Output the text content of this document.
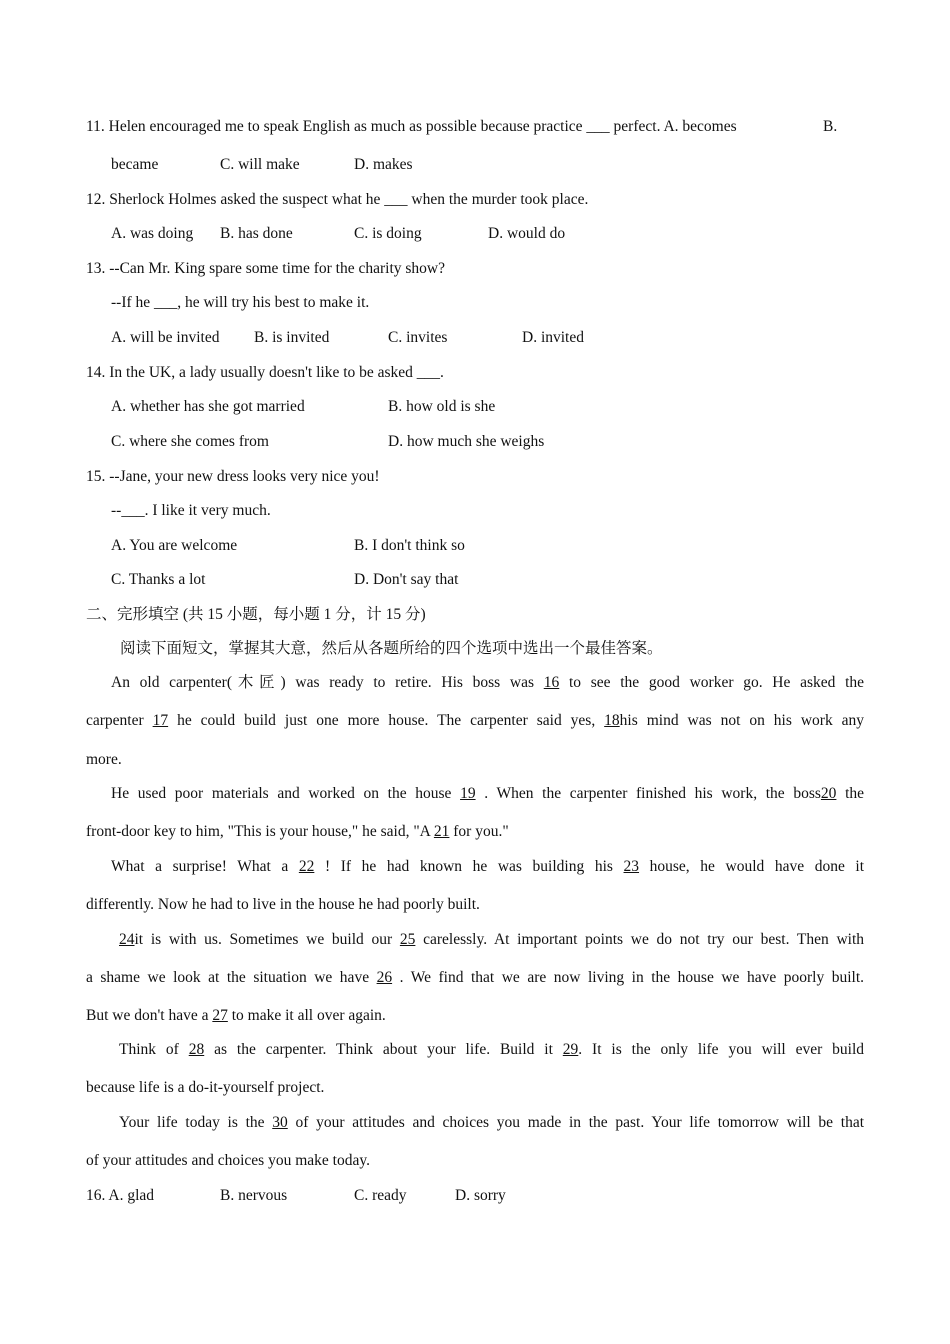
11. Helen encouraged me to speak English as much as possible because practice ___ perfect. A. becomes	B.
became	C. will make	D. makes
12. Sherlock Holmes asked the suspect what he ___ when the murder took place.
A. was doing B. has done	C. is doing	D. would do
13. --Can Mr. King spare some time for the charity show?
--If he ___, he will try his best to make it.
A. will be invited B. is invited	C. invites	D. invited
14. In the UK, a lady usually doesn't like to be asked ___.
A. whether has she got married	B. how old is she
C. where she comes from	D. how much she weighs
15. --Jane, your new dress looks very nice you!
--___. I like it very much.
A. You are welcome	B. I don't think so
C. Thanks a lot	D. Don't say that
二、完形填空 (共 15 小题，每小题 1 分，计 15 分)
阅读下面短文，掌握其大意，然后从各题所给的四个选项中选出一个最佳答案。
An old carpenter(木匠) was ready to retire. His boss was 16 to see the good worker go. He asked the
carpenter 17 he could build just one more house. The carpenter said yes, 18his mind was not on his work any
more.
He used poor materials and worked on the house 19 . When the carpenter finished his work, the boss20 the
front-door key to him, "This is your house," he said, "A 21 for you."
What a surprise! What a 22 ! If he had known he was building his 23 house, he would have done it
differently. Now he had to live in the house he had poorly built.
24it is with us. Sometimes we build our 25 carelessly. At important points we do not try our best. Then with
a shame we look at the situation we have 26 . We find that we are now living in the house we have poorly built.
But we don't have a 27 to make it all over again.
Think of 28 as the carpenter. Think about your life. Build it 29. It is the only life you will ever build
because life is a do-it-yourself project.
Your life today is the 30 of your attitudes and choices you made in the past. Your life tomorrow will be that
of your attitudes and choices you make today.
16. A. glad	B. nervous	C. ready	D. sorry
